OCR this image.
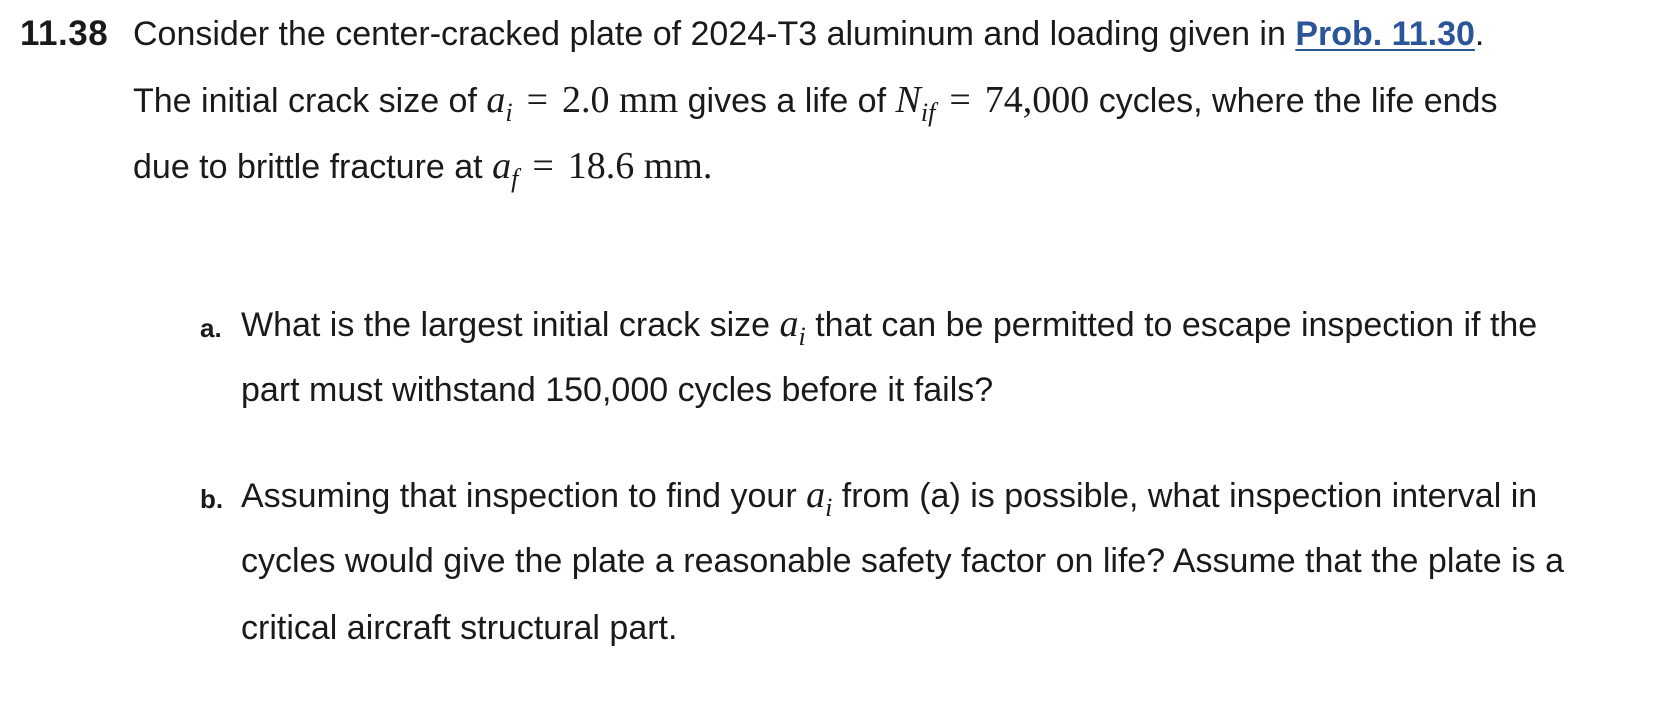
11.38 Consider the center-cracked plate of 2024-T3 aluminum and loading given in Prob. 11.30.
The initial crack size of $a_i = 2.0$ mm gives a life of $N_{if} = 74,000$ cycles, where the life ends
due to brittle fracture at $a_f = 18.6$ mm.
a. What is the largest initial crack size $a_i$ that can be permitted to escape inspection if the
part must withstand 150,000 cycles before it fails?
b. Assuming that inspection to find your $a_i$ from (a) is possible, what inspection interval in
cycles would give the plate a reasonable safety factor on life? Assume that the plate is a
critical aircraft structural part.
